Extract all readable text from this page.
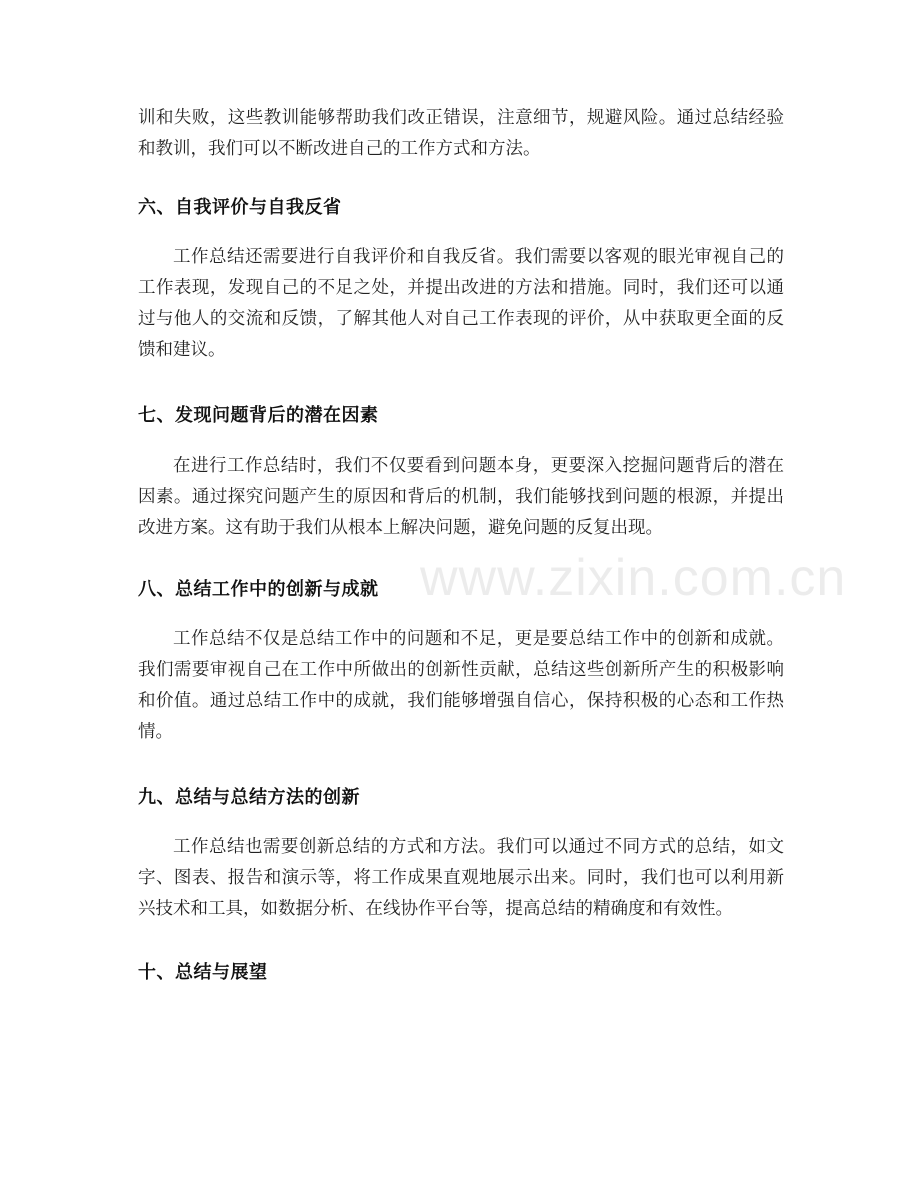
训和失败，这些教训能够帮助我们改正错误，注意细节，规避风险。通过总结经验和教训，我们可以不断改进自己的工作方式和方法。

六、自我评价与自我反省

工作总结还需要进行自我评价和自我反省。我们需要以客观的眼光审视自己的工作表现，发现自己的不足之处，并提出改进的方法和措施。同时，我们还可以通过与他人的交流和反馈，了解其他人对自己工作表现的评价，从中获取更全面的反馈和建议。

七、发现问题背后的潜在因素

在进行工作总结时，我们不仅要看到问题本身，更要深入挖掘问题背后的潜在因素。通过探究问题产生的原因和背后的机制，我们能够找到问题的根源，并提出改进方案。这有助于我们从根本上解决问题，避免问题的反复出现。

八、总结工作中的创新与成就

工作总结不仅是总结工作中的问题和不足，更是要总结工作中的创新和成就。我们需要审视自己在工作中所做出的创新性贡献，总结这些创新所产生的积极影响和价值。通过总结工作中的成就，我们能够增强自信心，保持积极的心态和工作热情。

九、总结与总结方法的创新

工作总结也需要创新总结的方式和方法。我们可以通过不同方式的总结，如文字、图表、报告和演示等，将工作成果直观地展示出来。同时，我们也可以利用新兴技术和工具，如数据分析、在线协作平台等，提高总结的精确度和有效性。

十、总结与展望
www.zixin.com.cn
